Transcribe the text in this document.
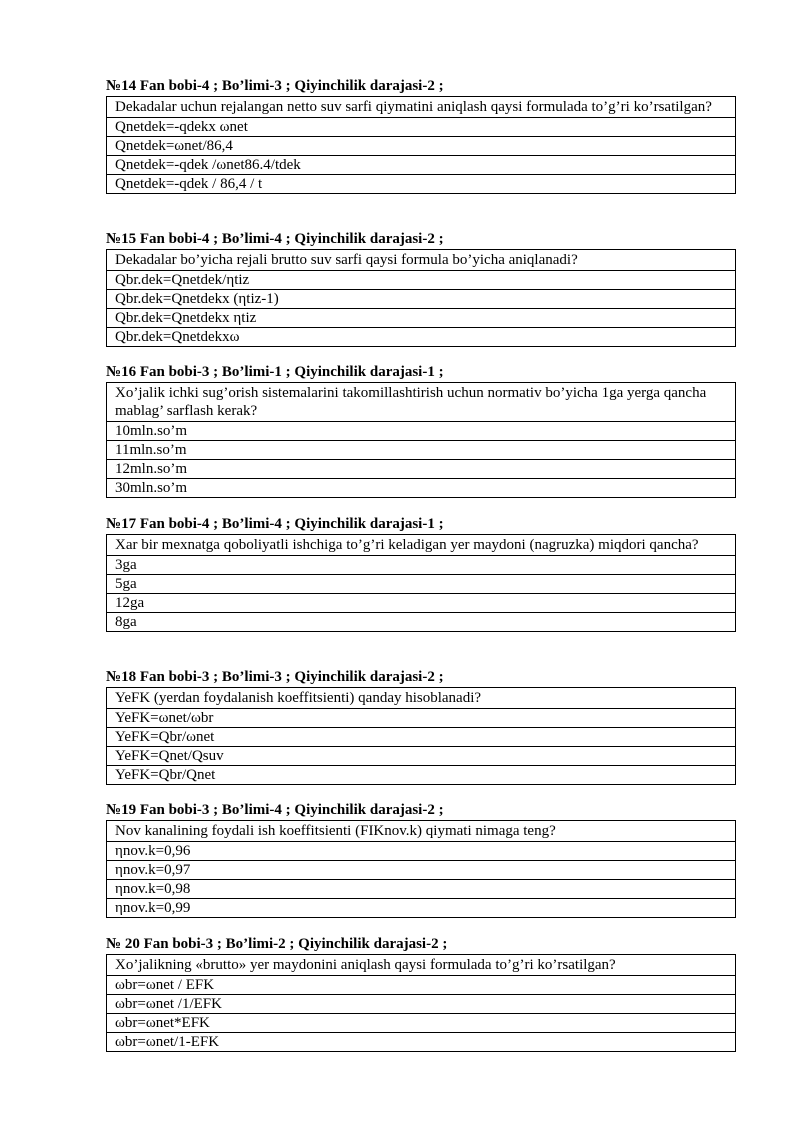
№14 Fan bobi-4 ; Bo’limi-3 ; Qiyinchilik darajasi-2 ;
Dekadalar uchun rejalangan netto suv sarfi qiymatini aniqlash qaysi formulada to’g’ri ko’rsatilgan?
Qnetdek=-qdekx ωnet
Qnetdek=ωnet/86,4
Qnetdek=-qdek /ωnet86.4/tdek
Qnetdek=-qdek / 86,4 / t
№15 Fan bobi-4 ; Bo’limi-4 ; Qiyinchilik darajasi-2 ;
Dekadalar bo’yicha rejali brutto suv sarfi qaysi formula bo’yicha aniqlanadi?
Qbr.dek=Qnetdek/ηtiz
Qbr.dek=Qnetdekx (ηtiz-1)
Qbr.dek=Qnetdekx ηtiz
Qbr.dek=Qnetdekxω
№16 Fan bobi-3 ; Bo’limi-1 ; Qiyinchilik darajasi-1 ;
Xo’jalik ichki sug’orish sistemalarini takomillashtirish uchun normativ bo’yicha 1ga yerga qancha mablag’ sarflash kerak?
10mln.so’m
11mln.so’m
12mln.so’m
30mln.so’m
№17 Fan bobi-4 ; Bo’limi-4 ; Qiyinchilik darajasi-1 ;
Xar bir mexnatga qoboliyatli ishchiga to’g’ri keladigan yer maydoni (nagruzka) miqdori qancha?
3ga
5ga
12ga
8ga
№18 Fan bobi-3 ; Bo’limi-3 ; Qiyinchilik darajasi-2 ;
YeFK (yerdan foydalanish koeffitsienti) qanday hisoblanadi?
YeFK=ωnet/ωbr
YeFK=Qbr/ωnet
YeFK=Qnet/Qsuv
YeFK=Qbr/Qnet
№19 Fan bobi-3 ; Bo’limi-4 ; Qiyinchilik darajasi-2 ;
Nov kanalining foydali ish koeffitsienti (FIKnov.k) qiymati nimaga teng?
ηnov.k=0,96
ηnov.k=0,97
ηnov.k=0,98
ηnov.k=0,99
№ 20 Fan bobi-3 ; Bo’limi-2 ; Qiyinchilik darajasi-2 ;
Xo’jalikning «brutto» yer maydonini aniqlash qaysi formulada to’g’ri ko’rsatilgan?
ωbr=ωnet / EFK
ωbr=ωnet /1/EFK
ωbr=ωnet*EFK
ωbr=ωnet/1-EFK
